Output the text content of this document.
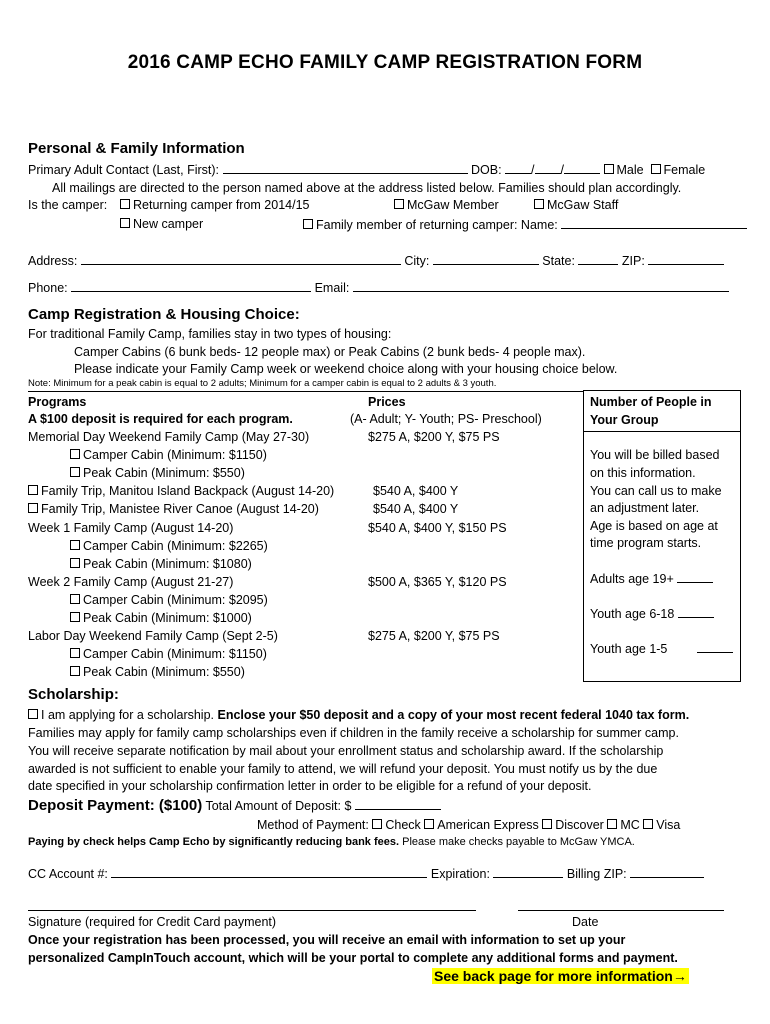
2016 CAMP ECHO FAMILY CAMP REGISTRATION FORM
Personal & Family Information
Primary Adult Contact (Last, First):	DOB: / /	Male Female
All mailings are directed to the person named above at the address listed below. Families should plan accordingly.
Is the camper:	Returning camper from 2014/15	McGaw Member	McGaw Staff
New camper	Family member of returning camper: Name:
Address:	City:	State:	ZIP:
Phone:	Email:
Camp Registration & Housing Choice:
For traditional Family Camp, families stay in two types of housing:
Camper Cabins (6 bunk beds- 12 people max) or Peak Cabins (2 bunk beds- 4 people max).
Please indicate your Family Camp week or weekend choice along with your housing choice below.
Note: Minimum for a peak cabin is equal to 2 adults; Minimum for a camper cabin is equal to 2 adults & 3 youth.
Programs	Prices
A $100 deposit is required for each program.	(A- Adult; Y- Youth; PS- Preschool)
Memorial Day Weekend Family Camp (May 27-30)	$275 A, $200 Y, $75 PS
Camper Cabin (Minimum: $1150)
Peak Cabin (Minimum: $550)
Family Trip, Manitou Island Backpack (August 14-20)	$540 A, $400 Y
Family Trip, Manistee River Canoe (August 14-20)	$540 A, $400 Y
Week 1 Family Camp (August 14-20)	$540 A, $400 Y, $150 PS
Camper Cabin (Minimum: $2265)
Peak Cabin (Minimum: $1080)
Week 2 Family Camp (August 21-27)	$500 A, $365 Y, $120 PS
Camper Cabin (Minimum: $2095)
Peak Cabin (Minimum: $1000)
Labor Day Weekend Family Camp (Sept 2-5)	$275 A, $200 Y, $75 PS
Camper Cabin (Minimum: $1150)
Peak Cabin (Minimum: $550)
Number of People in
Your Group
You will be billed based
on this information.
You can call us to make
an adjustment later.
Age is based on age at
time program starts.
Adults age 19+
Youth age 6-18
Youth age 1-5
Scholarship:
I am applying for a scholarship. Enclose your $50 deposit and a copy of your most recent federal 1040 tax form.
Families may apply for family camp scholarships even if children in the family receive a scholarship for summer camp.
You will receive separate notification by mail about your enrollment status and scholarship award. If the scholarship
awarded is not sufficient to enable your family to attend, we will refund your deposit. You must notify us by the due
date specified in your scholarship confirmation letter in order to be eligible for a refund of your deposit.
Deposit Payment: ($100) Total Amount of Deposit: $
Method of Payment: Check American Express Discover MC Visa
Paying by check helps Camp Echo by significantly reducing bank fees. Please make checks payable to McGaw YMCA.
CC Account #:	Expiration:	Billing ZIP:
Signature (required for Credit Card payment)	Date
Once your registration has been processed, you will receive an email with information to set up your
personalized CampInTouch account, which will be your portal to complete any additional forms and payment.
See back page for more information→
